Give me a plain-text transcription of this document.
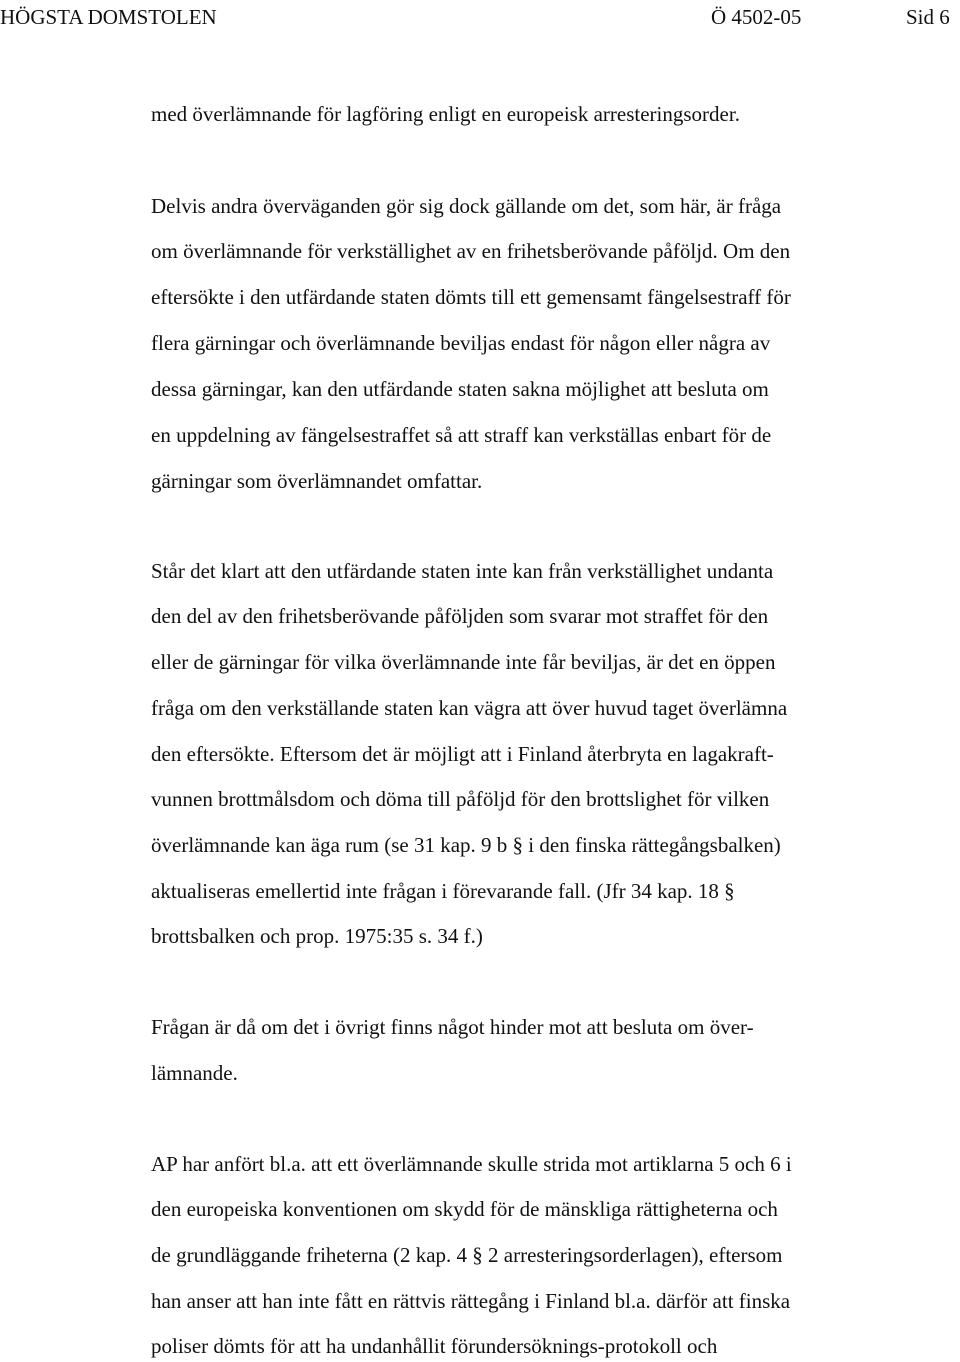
HÖGSTA DOMSTOLEN	Ö 4502-05	Sid 6
med överlämnande för lagföring enligt en europeisk arresteringsorder.
Delvis andra överväganden gör sig dock gällande om det, som här, är fråga
om överlämnande för verkställighet av en frihetsberövande påföljd. Om den
eftersökte i den utfärdande staten dömts till ett gemensamt fängelsestraff för
flera gärningar och överlämnande beviljas endast för någon eller några av
dessa gärningar, kan den utfärdande staten sakna möjlighet att besluta om
en uppdelning av fängelsestraffet så att straff kan verkställas enbart för de
gärningar som överlämnandet omfattar.
Står det klart att den utfärdande staten inte kan från verkställighet undanta
den del av den frihetsberövande påföljden som svarar mot straffet för den
eller de gärningar för vilka överlämnande inte får beviljas, är det en öppen
fråga om den verkställande staten kan vägra att över huvud taget överlämna
den eftersökte. Eftersom det är möjligt att i Finland återbryta en lagakraft-
vunnen brottmålsdom och döma till påföljd för den brottslighet för vilken
överlämnande kan äga rum (se 31 kap. 9 b § i den finska rättegångsbalken)
aktualiseras emellertid inte frågan i förevarande fall. (Jfr 34 kap. 18 §
brottsbalken och prop. 1975:35 s. 34 f.)
Frågan är då om det i övrigt finns något hinder mot att besluta om över-
lämnande.
AP har anfört bl.a. att ett överlämnande skulle strida mot artiklarna 5 och 6 i
den europeiska konventionen om skydd för de mänskliga rättigheterna och
de grundläggande friheterna (2 kap. 4 § 2 arresteringsorderlagen), eftersom
han anser att han inte fått en rättvis rättegång i Finland bl.a. därför att finska
poliser dömts för att ha undanhållit förundersöknings-protokoll och
